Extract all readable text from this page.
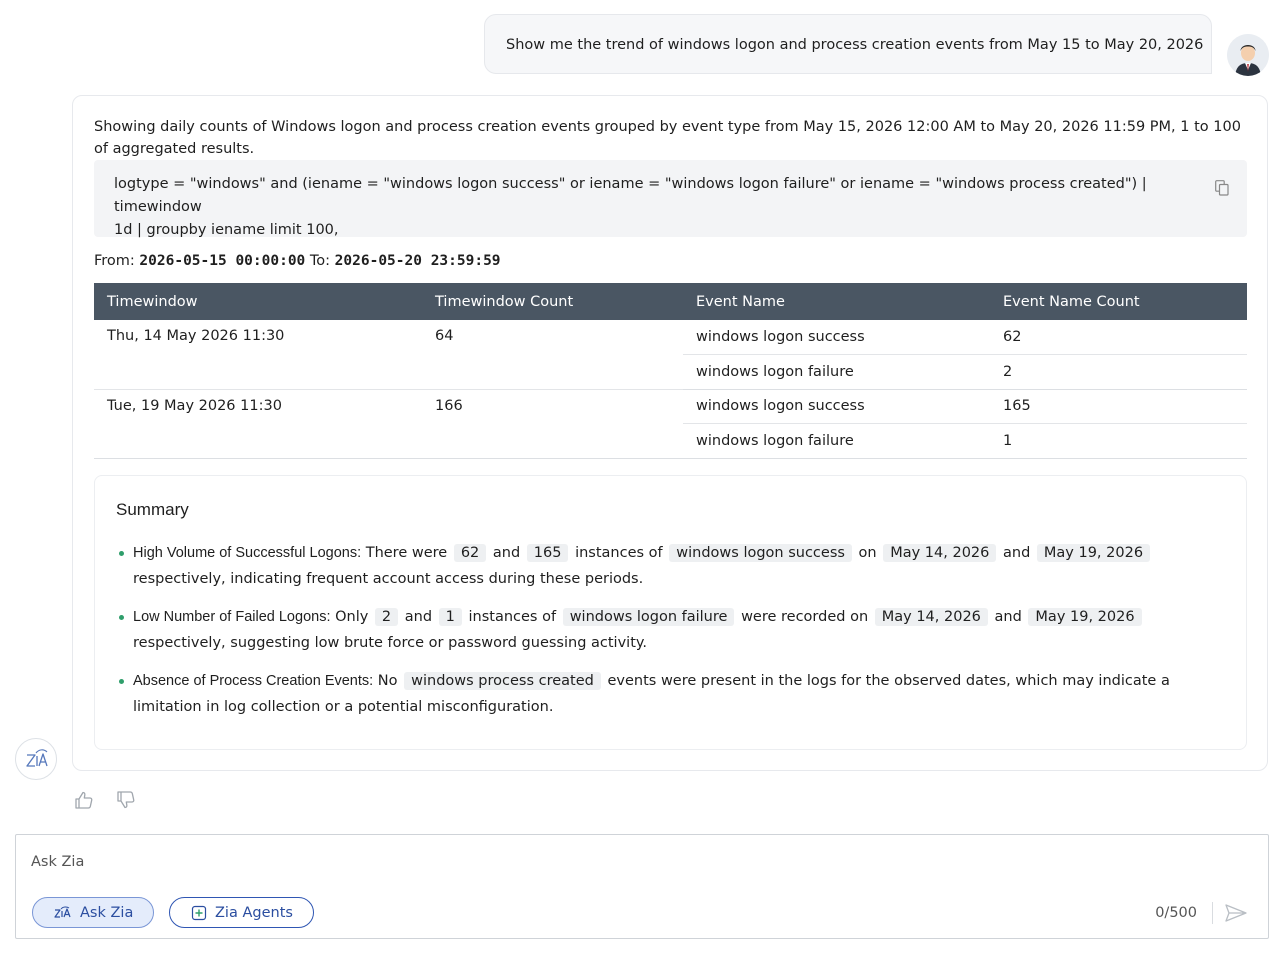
Show me the trend of windows logon and process creation events from May 15 to May 20, 2026

Showing daily counts of Windows logon and process creation events grouped by event type from May 15, 2026 12:00 AM to May 20, 2026 11:59 PM, 1 to 100 of aggregated results.

logtype = "windows" and (iename = "windows logon success" or iename = "windows logon failure" or iename = "windows process created") | timewindow
1d | groupby iename limit 100,
From: 2026-05-15 00:00:00 To: 2026-05-20 23:59:59
Timewindow	Timewindow Count	Event Name	Event Name Count
Thu, 14 May 2026 11:30	64	windows logon success	62
		windows logon failure	2
Tue, 19 May 2026 11:30	166	windows logon success	165
		windows logon failure	1
Summary
High Volume of Successful Logons: There were 62 and 165 instances of windows logon success on May 14, 2026 and May 19, 2026 respectively, indicating frequent account access during these periods.
Low Number of Failed Logons: Only 2 and 1 instances of windows logon failure were recorded on May 14, 2026 and May 19, 2026 respectively, suggesting low brute force or password guessing activity.
Absence of Process Creation Events: No windows process created events were present in the logs for the observed dates, which may indicate a limitation in log collection or a potential misconfiguration.
Ask Zia
Ask Zia	Zia Agents	0/500
